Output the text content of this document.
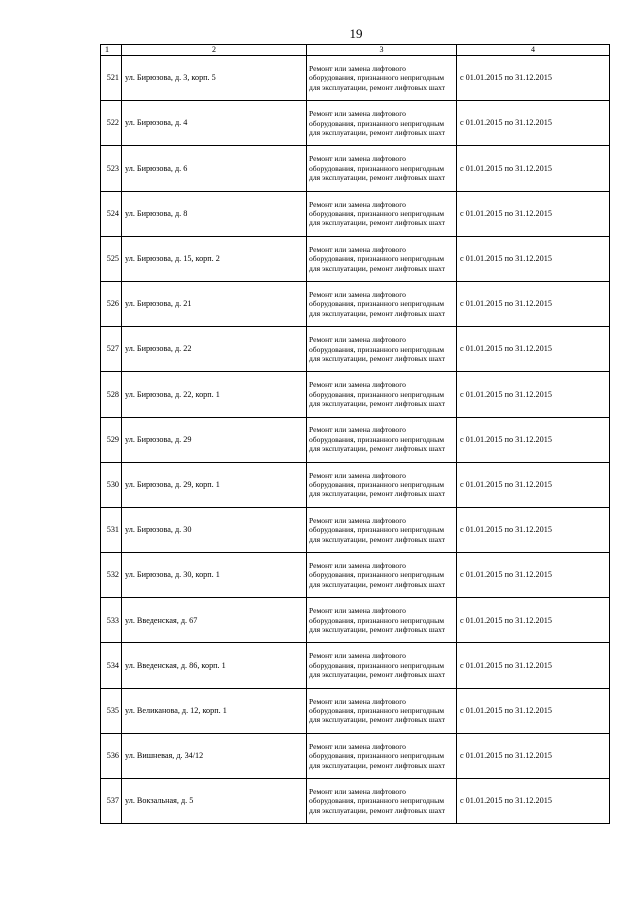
19
1	2	3	4

521	ул. Бирюзова, д. 3, корп. 5	Ремонт или замена лифтового оборудования, признанного непригодным для эксплуатации, ремонт лифтовых шахт	с 01.01.2015 по 31.12.2015

522	ул. Бирюзова, д. 4	Ремонт или замена лифтового оборудования, признанного непригодным для эксплуатации, ремонт лифтовых шахт	с 01.01.2015 по 31.12.2015

523	ул. Бирюзова, д. 6	Ремонт или замена лифтового оборудования, признанного непригодным для эксплуатации, ремонт лифтовых шахт	с 01.01.2015 по 31.12.2015

524	ул. Бирюзова, д. 8	Ремонт или замена лифтового оборудования, признанного непригодным для эксплуатации, ремонт лифтовых шахт	с 01.01.2015 по 31.12.2015

525	ул. Бирюзова, д. 15, корп. 2	Ремонт или замена лифтового оборудования, признанного непригодным для эксплуатации, ремонт лифтовых шахт	с 01.01.2015 по 31.12.2015

526	ул. Бирюзова, д. 21	Ремонт или замена лифтового оборудования, признанного непригодным для эксплуатации, ремонт лифтовых шахт	с 01.01.2015 по 31.12.2015

527	ул. Бирюзова, д. 22	Ремонт или замена лифтового оборудования, признанного непригодным для эксплуатации, ремонт лифтовых шахт	с 01.01.2015 по 31.12.2015

528	ул. Бирюзова, д. 22, корп. 1	Ремонт или замена лифтового оборудования, признанного непригодным для эксплуатации, ремонт лифтовых шахт	с 01.01.2015 по 31.12.2015

529	ул. Бирюзова, д. 29	Ремонт или замена лифтового оборудования, признанного непригодным для эксплуатации, ремонт лифтовых шахт	с 01.01.2015 по 31.12.2015

530	ул. Бирюзова, д. 29, корп. 1	Ремонт или замена лифтового оборудования, признанного непригодным для эксплуатации, ремонт лифтовых шахт	с 01.01.2015 по 31.12.2015

531	ул. Бирюзова, д. 30	Ремонт или замена лифтового оборудования, признанного непригодным для эксплуатации, ремонт лифтовых шахт	с 01.01.2015 по 31.12.2015

532	ул. Бирюзова, д. 30, корп. 1	Ремонт или замена лифтового оборудования, признанного непригодным для эксплуатации, ремонт лифтовых шахт	с 01.01.2015 по 31.12.2015

533	ул. Введенская, д. 67	Ремонт или замена лифтового оборудования, признанного непригодным для эксплуатации, ремонт лифтовых шахт	с 01.01.2015 по 31.12.2015

534	ул. Введенская, д. 86, корп. 1	Ремонт или замена лифтового оборудования, признанного непригодным для эксплуатации, ремонт лифтовых шахт	с 01.01.2015 по 31.12.2015

535	ул. Великанова, д. 12, корп. 1	Ремонт или замена лифтового оборудования, признанного непригодным для эксплуатации, ремонт лифтовых шахт	с 01.01.2015 по 31.12.2015

536	ул. Вишневая, д. 34/12	Ремонт или замена лифтового оборудования, признанного непригодным для эксплуатации, ремонт лифтовых шахт	с 01.01.2015 по 31.12.2015

537	ул. Вокзальная, д. 5	Ремонт или замена лифтового оборудования, признанного непригодным для эксплуатации, ремонт лифтовых шахт	с 01.01.2015 по 31.12.2015
